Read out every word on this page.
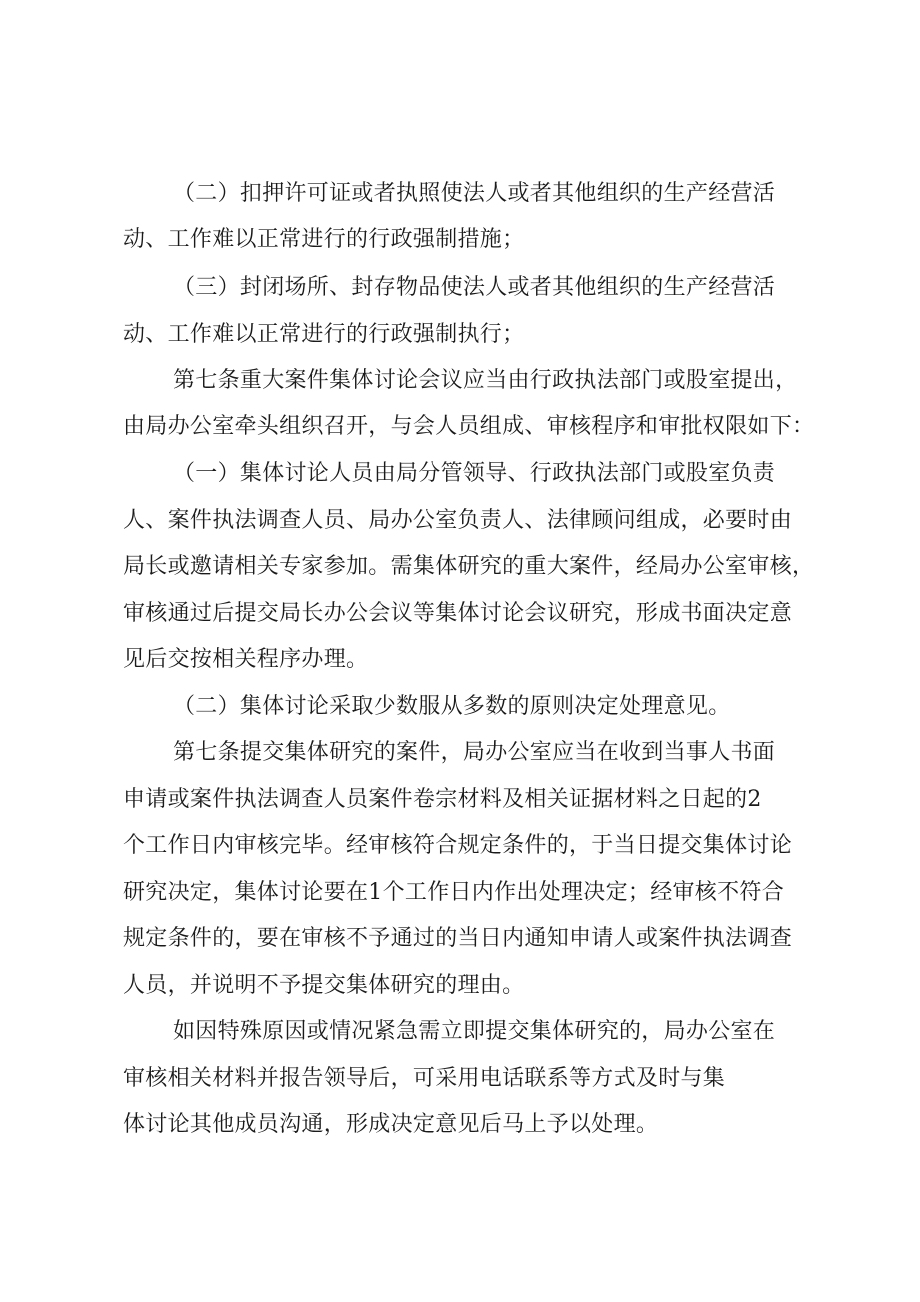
（二）扣押许可证或者执照使法人或者其他组织的生产经营活

动、工作难以正常进行的行政强制措施；

（三）封闭场所、封存物品使法人或者其他组织的生产经营活

动、工作难以正常进行的行政强制执行；

第七条重大案件集体讨论会议应当由行政执法部门或股室提出，

由局办公室牵头组织召开，与会人员组成、审核程序和审批权限如下：

（一）集体讨论人员由局分管领导、行政执法部门或股室负责

人、案件执法调查人员、局办公室负责人、法律顾问组成，必要时由

局长或邀请相关专家参加。需集体研究的重大案件，经局办公室审核，

审核通过后提交局长办公会议等集体讨论会议研究，形成书面决定意

见后交按相关程序办理。

（二）集体讨论采取少数服从多数的原则决定处理意见。

第七条提交集体研究的案件，局办公室应当在收到当事人书面

申请或案件执法调查人员案件卷宗材料及相关证据材料之日起的2

个工作日内审核完毕。经审核符合规定条件的，于当日提交集体讨论

研究决定，集体讨论要在1个工作日内作出处理决定；经审核不符合

规定条件的，要在审核不予通过的当日内通知申请人或案件执法调查

人员，并说明不予提交集体研究的理由。

如因特殊原因或情况紧急需立即提交集体研究的，局办公室在

审核相关材料并报告领导后，可采用电话联系等方式及时与集

体讨论其他成员沟通，形成决定意见后马上予以处理。
